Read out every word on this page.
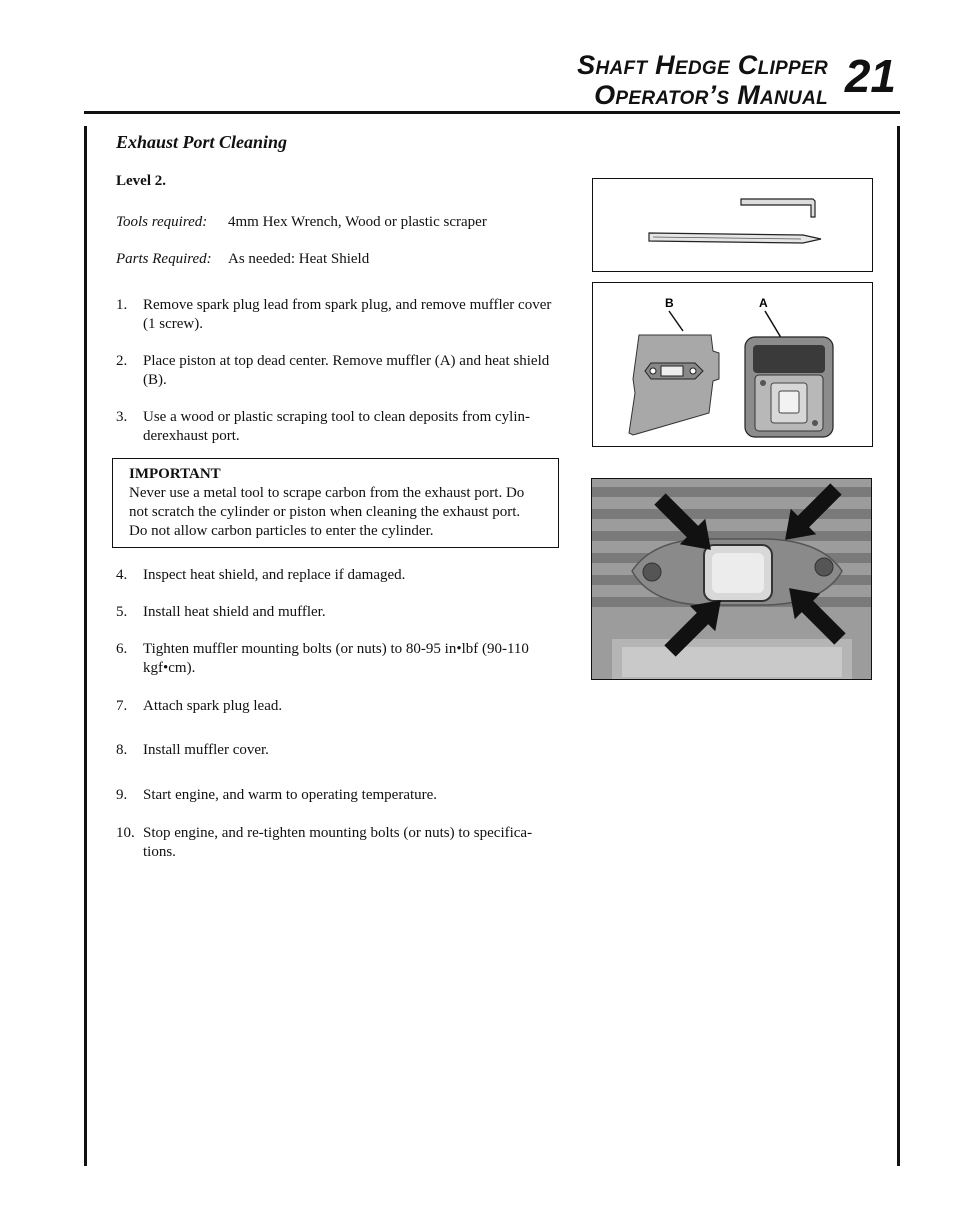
Shaft Hedge Clipper
Operator’s Manual 21
Exhaust Port Cleaning
Level 2.
Tools required: 4mm Hex Wrench, Wood or plastic scraper
Parts Required: As needed: Heat Shield
1.	Remove spark plug lead from spark plug, and remove muffler cover (1 screw).
2.	Place piston at top dead center. Remove muffler (A) and heat shield (B).
3.	Use a wood or plastic scraping tool to clean deposits from cylin-derexhaust port.
IMPORTANT
Never use a metal tool to scrape carbon from the exhaust port. Do not scratch the cylinder or piston when cleaning the exhaust port. Do not allow carbon particles to enter the cylinder.
4.	Inspect heat shield, and replace if damaged.
5.	Install heat shield and muffler.
6.	Tighten muffler mounting bolts (or nuts) to 80-95 in•lbf (90-110 kgf•cm).
7.	Attach spark plug lead.
8.	Install muffler cover.
9.	Start engine, and warm to operating temperature.
10. Stop engine, and re-tighten mounting bolts (or nuts) to specifica-tions.
B	A
